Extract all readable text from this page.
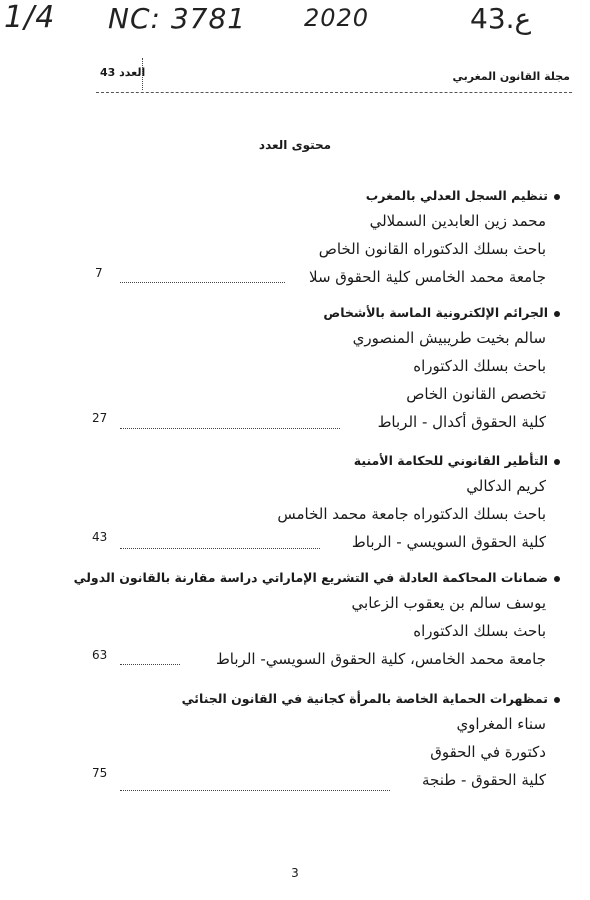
1/4 NC: 3781 2020	43.ع
العدد 43	مجلة القانون المغربي
محتوى العدد
تنظيم السجل العدلي بالمغرب
محمد زين العابدين السملالي
باحث بسلك الدكتوراه القانون الخاص
جامعة محمد الخامس كلية الحقوق سلا
7
الجرائم الإلكترونية الماسة بالأشخاص
سالم بخيت طريبيش المنصوري
باحث بسلك الدكتوراه
تخصص القانون الخاص
كلية الحقوق أكدال - الرباط
27
التأطير القانوني للحكامة الأمنية
كريم الدكالي
باحث بسلك الدكتوراه جامعة محمد الخامس
كلية الحقوق السويسي - الرباط
43
ضمانات المحاكمة العادلة في التشريع الإماراتي دراسة مقارنة بالقانون الدولي
يوسف سالم بن يعقوب الزعابي
باحث بسلك الدكتوراه
جامعة محمد الخامس، كلية الحقوق السويسي- الرباط
63
تمظهرات الحماية الخاصة بالمرأة كجانية في القانون الجنائي
سناء المغراوي
دكتورة في الحقوق
كلية الحقوق - طنجة
75
3
